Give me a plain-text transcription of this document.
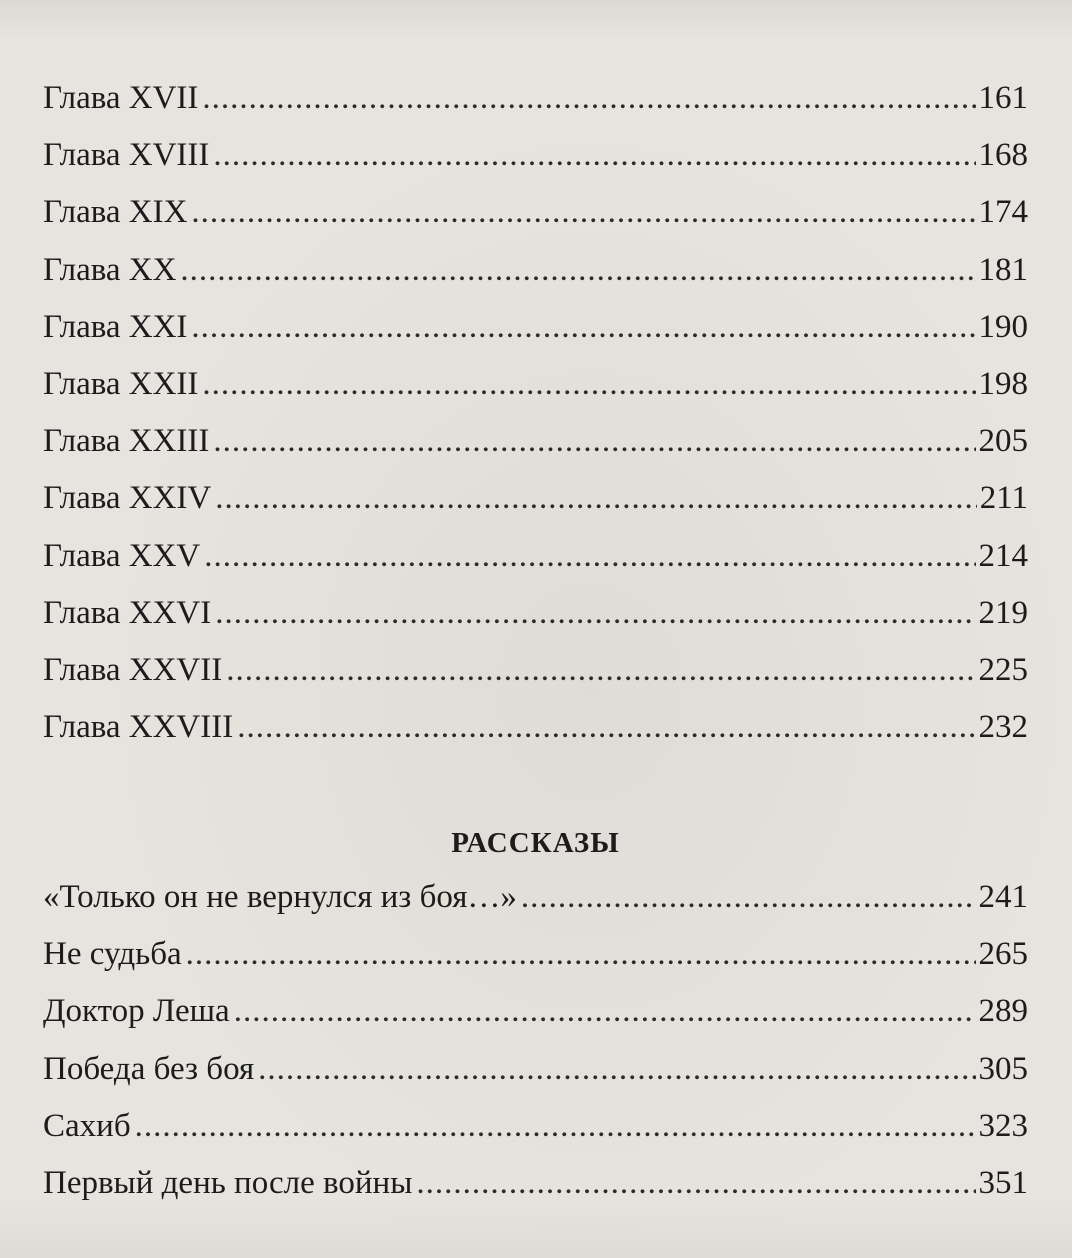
Глава XVII .....	161
Глава XVIII .....	168
Глава XIX .....	174
Глава XX .....	181
Глава XXI .....	190
Глава XXII .....	198
Глава XXIII .....	205
Глава XXIV .....	211
Глава XXV .....	214
Глава XXVI .....	219
Глава XXVII .....	225
Глава XXVIII .....	232
РАССКАЗЫ
«Только он не вернулся из боя…» .....	241
Не судьба .....	265
Доктор Леша .....	289
Победа без боя .....	305
Сахиб .....	323
Первый день после войны .....	351
